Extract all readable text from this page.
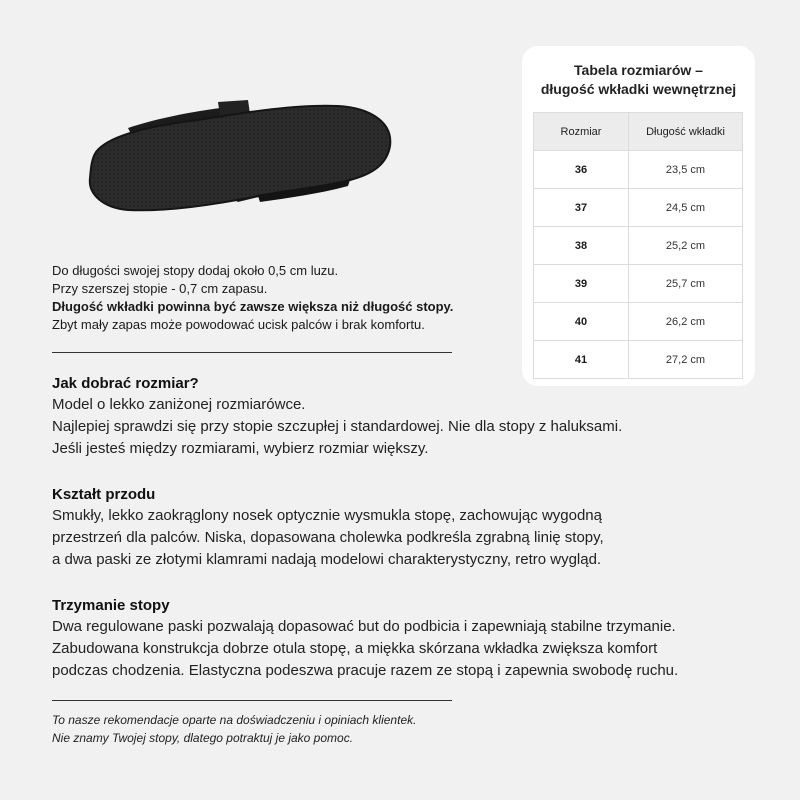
Do długości swojej stopy dodaj około 0,5 cm luzu.

Przy szerszej stopie - 0,7 cm zapasu.

Długość wkładki powinna być zawsze większa niż długość stopy.

Zbyt mały zapas może powodować ucisk palców i brak komfortu.

Tabela rozmiarów –
długość wkładki wewnętrznej
Rozmiar	Długość wkładki
36	23,5 cm
37	24,5 cm
38	25,2 cm
39	25,7 cm
40	26,2 cm
41	27,2 cm
Jak dobrać rozmiar?

Model o lekko zaniżonej rozmiarówce.

Najlepiej sprawdzi się przy stopie szczupłej i standardowej. Nie dla stopy z haluksami.

Jeśli jesteś między rozmiarami, wybierz rozmiar większy.

Kształt przodu

Smukły, lekko zaokrąglony nosek optycznie wysmukla stopę, zachowując wygodną

przestrzeń dla palców. Niska, dopasowana cholewka podkreśla zgrabną linię stopy,

a dwa paski ze złotymi klamrami nadają modelowi charakterystyczny, retro wygląd.

Trzymanie stopy

Dwa regulowane paski pozwalają dopasować but do podbicia i zapewniają stabilne trzymanie.

Zabudowana konstrukcja dobrze otula stopę, a miękka skórzana wkładka zwiększa komfort

podczas chodzenia. Elastyczna podeszwa pracuje razem ze stopą i zapewnia swobodę ruchu.

To nasze rekomendacje oparte na doświadczeniu i opiniach klientek.

Nie znamy Twojej stopy, dlatego potraktuj je jako pomoc.
